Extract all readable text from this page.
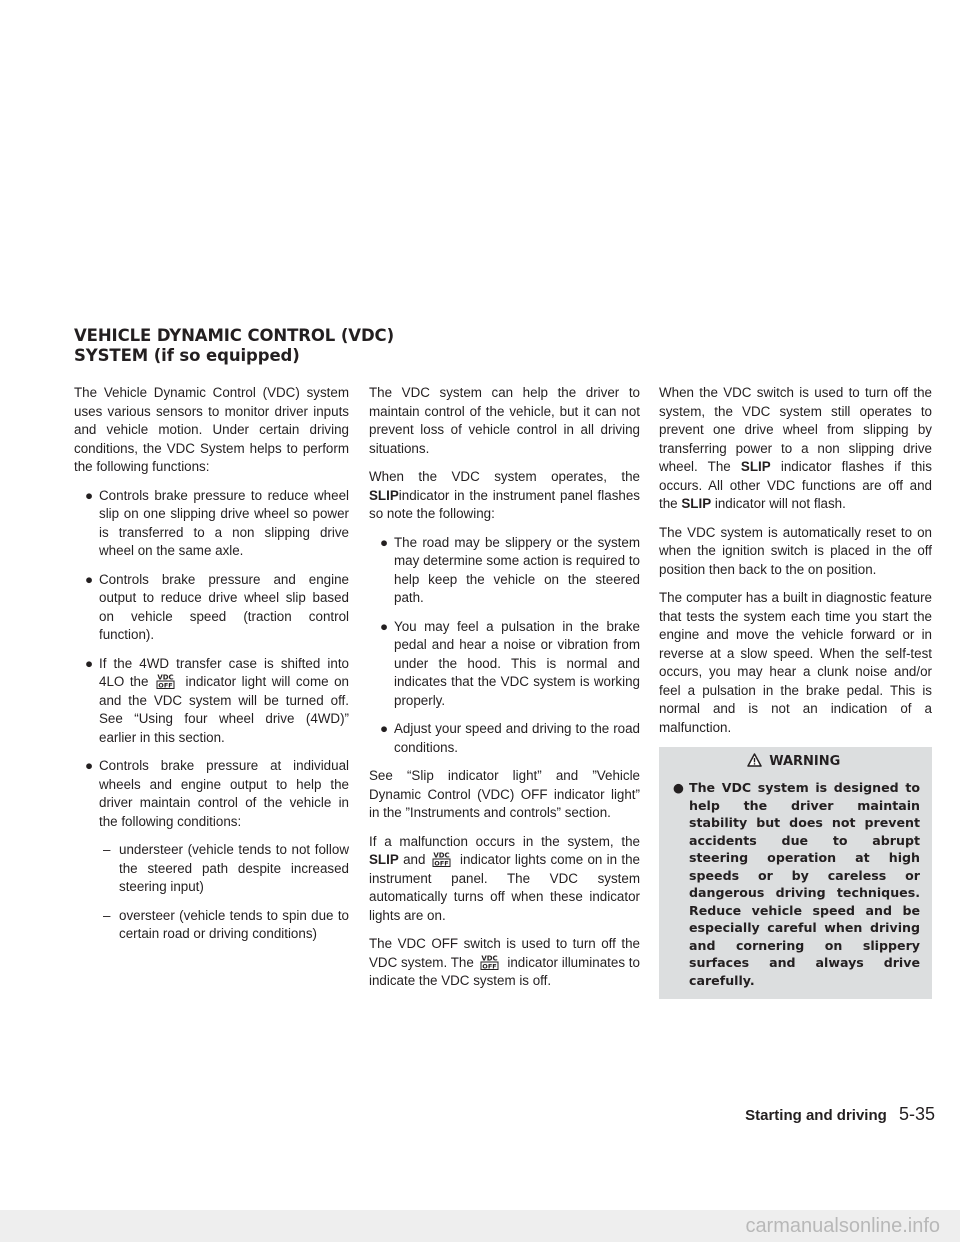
VEHICLE DYNAMIC CONTROL (VDC)
SYSTEM (if so equipped)

The Vehicle Dynamic Control (VDC) system uses various sensors to monitor driver inputs and vehicle motion. Under certain driving conditions, the VDC System helps to perform the following functions:

● Controls brake pressure to reduce wheel slip on one slipping drive wheel so power is transferred to a non slipping drive wheel on the same axle.
● Controls brake pressure and engine output to reduce drive wheel slip based on vehicle speed (traction control function).
● If the 4WD transfer case is shifted into 4LO the VDC
OFF indicator light will come on and the VDC system will be turned off. See “Using four wheel drive (4WD)” earlier in this section.
● Controls brake pressure at individual wheels and engine output to help the driver maintain control of the vehicle in the following conditions:
– understeer (vehicle tends to not follow the steered path despite increased steering input)
– oversteer (vehicle tends to spin due to certain road or driving conditions)

The VDC system can help the driver to maintain control of the vehicle, but it can not prevent loss of vehicle control in all driving situations.

When the VDC system operates, the SLIPindicator in the instrument panel flashes so note the following:

● The road may be slippery or the system may determine some action is required to help keep the vehicle on the steered path.
● You may feel a pulsation in the brake pedal and hear a noise or vibration from under the hood. This is normal and indicates that the VDC system is working properly.
● Adjust your speed and driving to the road conditions.

See “Slip indicator light” and ”Vehicle Dynamic Control (VDC) OFF indicator light” in the ”Instruments and controls” section.

If a malfunction occurs in the system, the SLIP and VDC
OFF indicator lights come on in the instrument panel. The VDC system automatically turns off when these indicator lights are on.

The VDC OFF switch is used to turn off the VDC system. The VDC
OFF indicator illuminates to indicate the VDC system is off.

When the VDC switch is used to turn off the system, the VDC system still operates to prevent one drive wheel from slipping by transferring power to a non slipping drive wheel. The SLIP indicator flashes if this occurs. All other VDC functions are off and the SLIP indicator will not flash.

The VDC system is automatically reset to on when the ignition switch is placed in the off position then back to the on position.

The computer has a built in diagnostic feature that tests the system each time you start the engine and move the vehicle forward or in reverse at a slow speed. When the self-test occurs, you may hear a clunk noise and/or feel a pulsation in the brake pedal. This is normal and is not an indication of a malfunction.

WARNING
● The VDC system is designed to help the driver maintain stability but does not prevent accidents due to abrupt steering operation at high speeds or by careless or dangerous driving techniques. Reduce vehicle speed and be especially careful when driving and cornering on slippery surfaces and always drive carefully.
Starting and driving 5-35
carmanualsonline.info
